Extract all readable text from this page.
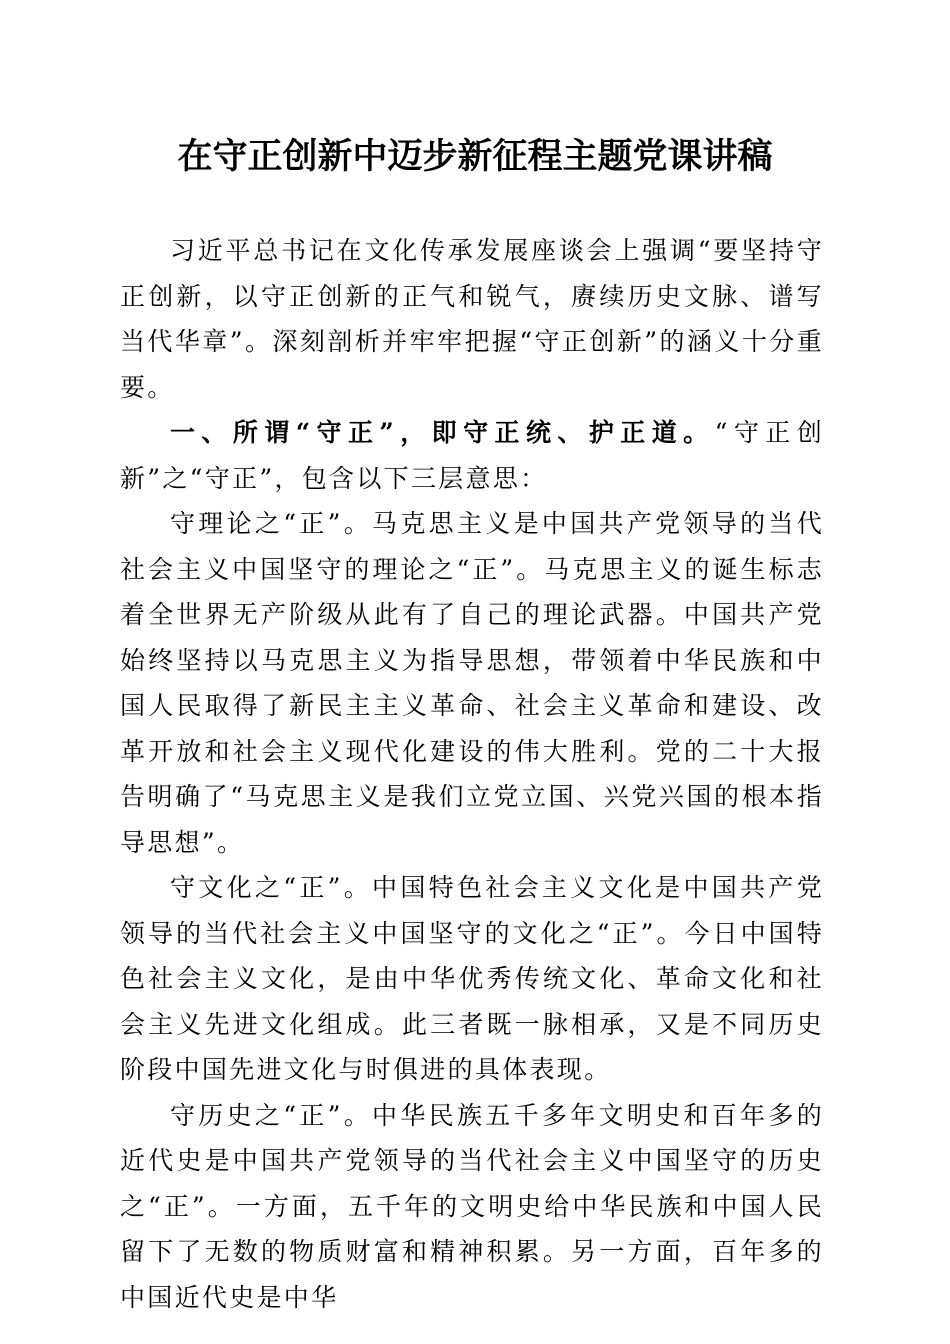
在守正创新中迈步新征程主题党课讲稿

习近平总书记在文化传承发展座谈会上强调“要坚持守正创新，以守正创新的正气和锐气，赓续历史文脉、谱写当代华章”。深刻剖析并牢牢把握“守正创新”的涵义十分重要。

一、所谓“守正”，即守正统、护正道。“守正创新”之“守正”，包含以下三层意思：

守理论之“正”。马克思主义是中国共产党领导的当代社会主义中国坚守的理论之“正”。马克思主义的诞生标志着全世界无产阶级从此有了自己的理论武器。中国共产党始终坚持以马克思主义为指导思想，带领着中华民族和中国人民取得了新民主主义革命、社会主义革命和建设、改革开放和社会主义现代化建设的伟大胜利。党的二十大报告明确了“马克思主义是我们立党立国、兴党兴国的根本指导思想”。

守文化之“正”。中国特色社会主义文化是中国共产党领导的当代社会主义中国坚守的文化之“正”。今日中国特色社会主义文化，是由中华优秀传统文化、革命文化和社会主义先进文化组成。此三者既一脉相承，又是不同历史阶段中国先进文化与时俱进的具体表现。

守历史之“正”。中华民族五千多年文明史和百年多的近代史是中国共产党领导的当代社会主义中国坚守的历史之“正”。一方面，五千年的文明史给中华民族和中国人民留下了无数的物质财富和精神积累。另一方面，百年多的中国近代史是中华
